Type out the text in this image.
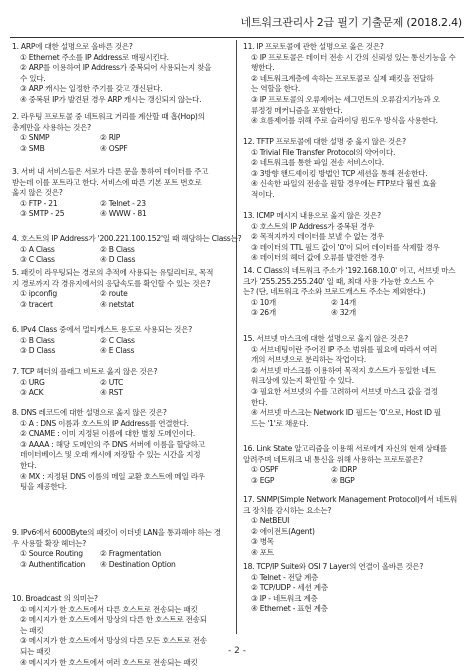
네트워크관리사 2급 필기 기출문제 (2018.2.4)

1. ARP에 대한 설명으로 올바른 것은?

① Ethernet 주소를 IP Address로 매핑시킨다.

② ARP를 이용하여 IP Address가 중복되어 사용되는지 찾을

수 있다.

③ ARP 캐시는 일정한 주기를 갖고 갱신된다.

④ 중복된 IP가 발견된 경우 ARP 캐시는 갱신되지 않는다.

2. 라우팅 프로토콜 중 네트워크 거리를 계산할 때 홉(Hop)의

총계만을 사용하는 것은?

① SNMP	② RIP
③ SMB	④ OSPF

3. 서버 내 서비스들은 서로가 다른 문을 통하여 데이터를 주고

받는데 이를 포트라고 한다. 서비스에 따른 기본 포트 번호로

옳지 않은 것은?

① FTP - 21	② Telnet - 23
③ SMTP - 25	④ WWW - 81

4. 호스트의 IP Address가 '200.221.100.152'일 때 해당하는 Class는?

① A Class	② B Class
③ C Class	④ D Class

5. 패킷이 라우팅되는 경로의 추적에 사용되는 유틸리티로, 목적

지 경로까지 각 경유지에서의 응답속도를 확인할 수 있는 것은?

① ipconfig	② route
③ tracert	④ netstat

6. IPv4 Class 중에서 멀티캐스트 용도로 사용되는 것은?

① B Class	② C Class
③ D Class	④ E Class

7. TCP 헤더의 플래그 비트로 옳지 않은 것은?

① URG	② UTC
③ ACK	④ RST

8. DNS 레코드에 대한 설명으로 옳지 않은 것은?

① A : DNS 이름과 호스트의 IP Address를 연결한다.

② CNAME : 이미 지정된 이름에 대한 별칭 도메인이다.

③ AAAA : 해당 도메인의 주 DNS 서버에 이름을 할당하고

데이터베이스 및 오래 캐시에 저장할 수 있는 시간을 지정

한다.

④ MX : 지정된 DNS 이름의 메일 교환 호스트에 메일 라우

팅을 제공한다.

9. IPv6에서 6000Byte의 패킷이 이더넷 LAN을 통과해야 하는 경

우 사용할 확장 헤더는?

① Source Routing	② Fragmentation
③ Authentification	④ Destination Option

10. Broadcast 의 의미는?

① 메시지가 한 호스트에서 다른 호스트로 전송되는 패킷

② 메시지가 한 호스트에서 망상의 다른 한 호스트로 전송되

는 패킷

③ 메시지가 한 호스트에서 망상의 다른 모든 호스트로 전송

되는 패킷

④ 메시지가 한 호스트에서 여러 호스트로 전송되는 패킷

11. IP 프로토콜에 관한 설명으로 옳은 것은?

① IP 프로토콜은 데이터 전송 시 간의 신뢰성 있는 통신기능을 수

행한다.

② 네트워크계층에 속하는 프로토콜로 실제 패킷을 전달하

는 역할을 한다.

③ IP 프로토콜의 오류제어는 세그먼트의 오류감지기능과 오

류정정 메커니즘을 포함한다.

④ 흐름제어를 위해 주로 슬라이딩 윈도우 방식을 사용한다.

12. TFTP 프로토콜에 대한 설명 중 옳지 않은 것은?

① Trivial File Transfer Protocol의 약어이다.

② 네트워크를 통한 파일 전송 서비스이다.

③ 3방향 핸드셰이킹 방법인 TCP 세션을 통해 전송한다.

④ 신속한 파일의 전송을 원할 경우에는 FTP보다 훨씬 효율

적이다.

13. ICMP 메시지 내용으로 옳지 않은 것은?

① 호스트의 IP Address가 중복된 경우

② 목적지까지 데이터를 보낼 수 없는 경우

③ 데이터의 TTL 필드 값이 '0'이 되어 데이터를 삭제할 경우

④ 데이터의 헤더 값에 오류를 발견한 경우

14. C Class의 네트워크 주소가 '192.168.10.0' 이고, 서브넷 마스

크가 '255.255.255.240' 일 때, 최대 사용 가능한 호스트 수

는? (단, 네트워크 주소와 브로드캐스트 주소는 제외한다.)

① 10개	② 14개
③ 26개	④ 32개

15. 서브넷 마스크에 대한 설명으로 옳지 않은 것은?

① 서브네팅이란 주어진 IP 주소 범위를 필요에 따라서 여러

개의 서브넷으로 분리하는 작업이다.

② 서브넷 마스크를 이용하여 목적지 호스트가 동일한 네트

워크상에 있는지 확인할 수 있다.

③ 필요한 서브넷의 수를 고려하여 서브넷 마스크 값을 결정

한다.

④ 서브넷 마스크는 Network ID 필드는 '0'으로, Host ID 필

드는 '1'로 채운다.

16. Link State 알고리즘을 이용해 서로에게 자신의 현재 상태를

알려주며 네트워크 내 통신을 위해 사용하는 프로토콜은?

① OSPF	② IDRP
③ EGP	④ BGP

17. SNMP(Simple Network Management Protocol)에서 네트워

크 장치를 감시하는 요소는?

① NetBEUI

② 에이전트(Agent)

③ 병목

④ 포트

18. TCP/IP Suite와 OSI 7 Layer의 연결이 올바른 것은?

① Telnet - 전달 계층

② TCP/UDP - 세션 계층

③ IP - 네트워크 계층

④ Ethernet - 표현 계층

- 2 -
